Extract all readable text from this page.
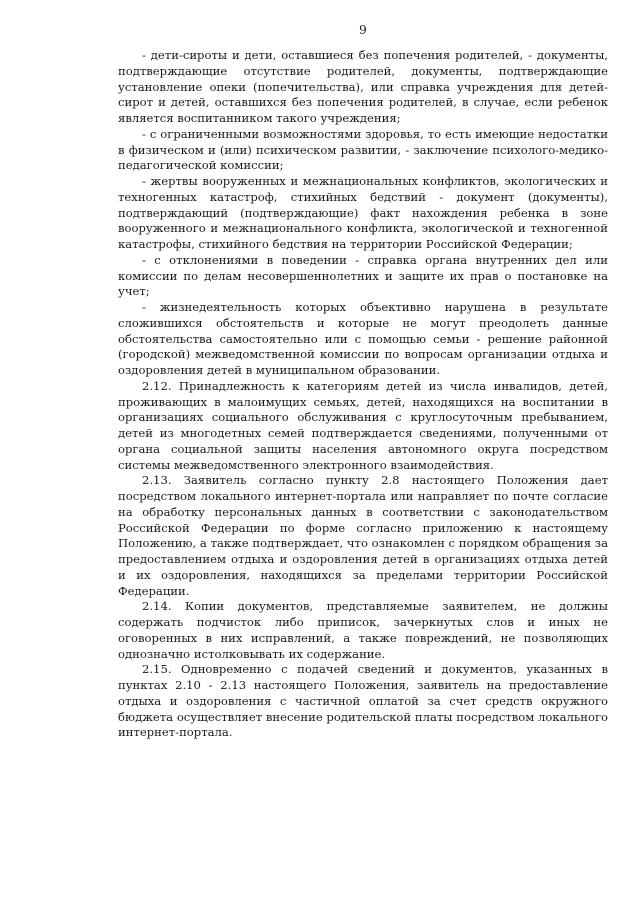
9

- дети-сироты и дети, оставшиеся без попечения родителей, - документы, подтверждающие отсутствие родителей, документы, подтверждающие установление опеки (попечительства), или справка учреждения для детей-сирот и детей, оставшихся без попечения родителей, в случае, если ребенок является воспитанником такого учреждения;

- с ограниченными возможностями здоровья, то есть имеющие недостатки в физическом и (или) психическом развитии, - заключение психолого-медико-педагогической комиссии;

- жертвы вооруженных и межнациональных конфликтов, экологических и техногенных катастроф, стихийных бедствий - документ (документы), подтверждающий (подтверждающие) факт нахождения ребенка в зоне вооруженного и межнационального конфликта, экологической и техногенной катастрофы, стихийного бедствия на территории Российской Федерации;

- с отклонениями в поведении - справка органа внутренних дел или комиссии по делам несовершеннолетних и защите их прав о постановке на учет;

- жизнедеятельность которых объективно нарушена в результате сложившихся обстоятельств и которые не могут преодолеть данные обстоятельства самостоятельно или с помощью семьи - решение районной (городской) межведомственной комиссии по вопросам организации отдыха и оздоровления детей в муниципальном образовании.

2.12. Принадлежность к категориям детей из числа инвалидов, детей, проживающих в малоимущих семьях, детей, находящихся на воспитании в организациях социального обслуживания с круглосуточным пребыванием, детей из многодетных семей подтверждается сведениями, полученными от органа социальной защиты населения автономного округа посредством системы межведомственного электронного взаимодействия.

2.13. Заявитель согласно пункту 2.8 настоящего Положения дает посредством локального интернет-портала или направляет по почте согласие на обработку персональных данных в соответствии с законодательством Российской Федерации по форме согласно приложению к настоящему Положению, а также подтверждает, что ознакомлен с порядком обращения за предоставлением отдыха и оздоровления детей в организациях отдыха детей и их оздоровления, находящихся за пределами территории Российской Федерации.

2.14. Копии документов, представляемые заявителем, не должны содержать подчисток либо приписок, зачеркнутых слов и иных не оговоренных в них исправлений, а также повреждений, не позволяющих однозначно истолковывать их содержание.

2.15. Одновременно с подачей сведений и документов, указанных в пунктах 2.10 - 2.13 настоящего Положения, заявитель на предоставление отдыха и оздоровления с частичной оплатой за счет средств окружного бюджета осуществляет внесение родительской платы посредством локального интернет-портала.
